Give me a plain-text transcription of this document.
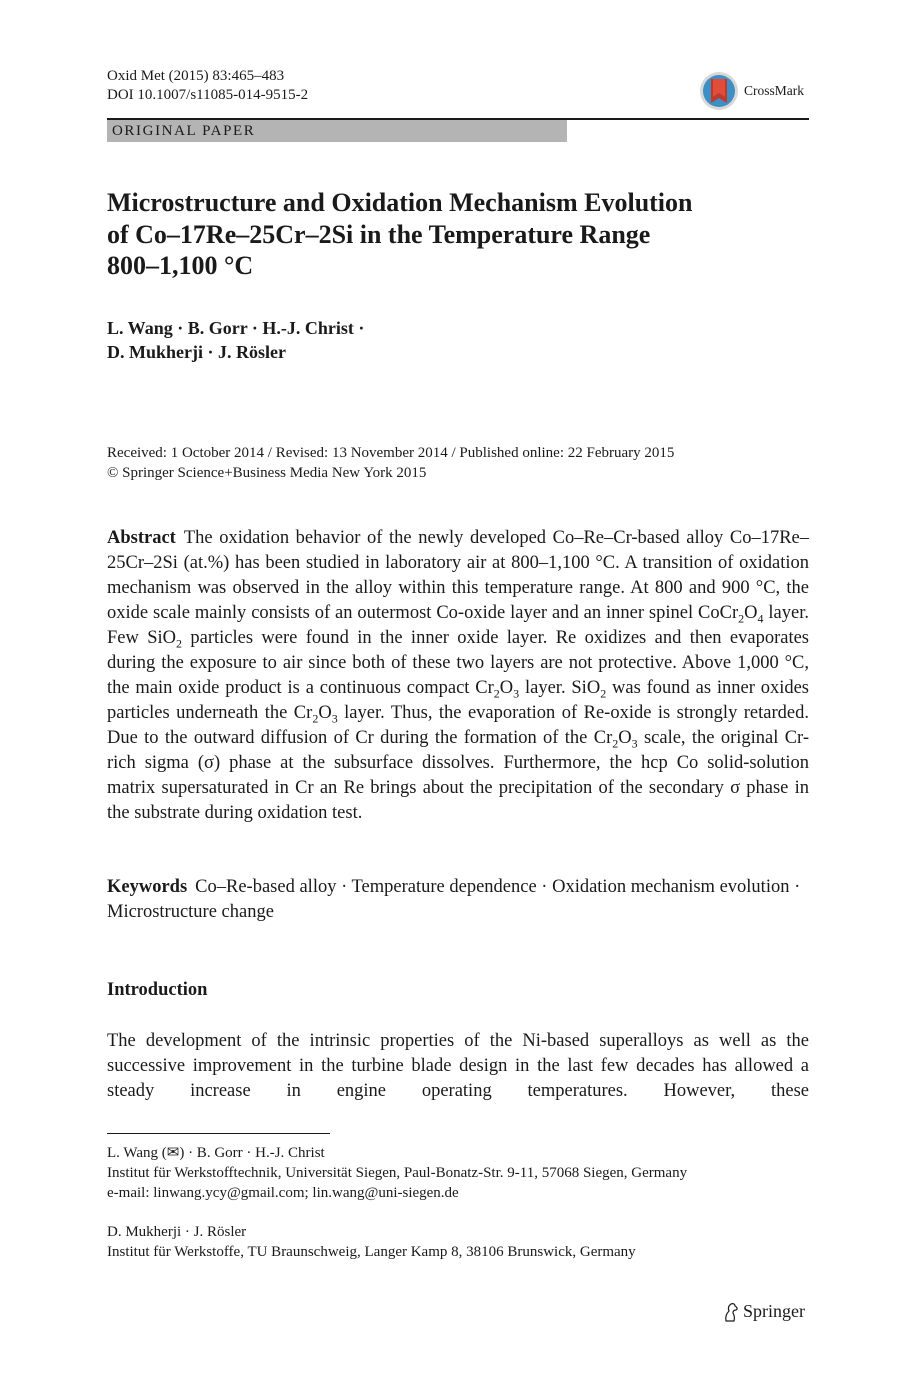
Oxid Met (2015) 83:465–483
DOI 10.1007/s11085-014-9515-2	CrossMark
ORIGINAL PAPER
Microstructure and Oxidation Mechanism Evolution
of Co–17Re–25Cr–2Si in the Temperature Range
800–1,100 °C
L. Wang · B. Gorr · H.-J. Christ ·
D. Mukherji · J. Rösler
Received: 1 October 2014 / Revised: 13 November 2014 / Published online: 22 February 2015
© Springer Science+Business Media New York 2015

Abstract The oxidation behavior of the newly developed Co–Re–Cr-based alloy Co–17Re–25Cr–2Si (at.%) has been studied in laboratory air at 800–1,100 °C. A transition of oxidation mechanism was observed in the alloy within this temperature range. At 800 and 900 °C, the oxide scale mainly consists of an outermost Co-oxide layer and an inner spinel $CoCr_2O_4$ layer. Few SiO$_2$ particles were found in the inner oxide layer. Re oxidizes and then evaporates during the exposure to air since both of these two layers are not protective. Above 1,000 °C, the main oxide product is a continuous compact $Cr_2O_3$ layer. SiO$_2$ was found as inner oxides particles underneath the $Cr_2O_3$ layer. Thus, the evaporation of Re-oxide is strongly retarded. Due to the outward diffusion of Cr during the formation of the $Cr_2O_3$ scale, the original Cr-rich sigma (σ) phase at the subsurface dissolves. Furthermore, the hcp Co solid-solution matrix supersaturated in Cr an Re brings about the precipitation of the secondary σ phase in the substrate during oxidation test.

Keywords Co–Re-based alloy · Temperature dependence · Oxidation mechanism evolution · Microstructure change

Introduction

The development of the intrinsic properties of the Ni-based superalloys as well as the successive improvement in the turbine blade design in the last few decades has allowed a steady increase in engine operating temperatures. However, these

L. Wang (✉) · B. Gorr · H.-J. Christ
Institut für Werkstofftechnik, Universität Siegen, Paul-Bonatz-Str. 9-11, 57068 Siegen, Germany
e-mail: linwang.ycy@gmail.com; lin.wang@uni-siegen.de
D. Mukherji · J. Rösler
Institut für Werkstoffe, TU Braunschweig, Langer Kamp 8, 38106 Brunswick, Germany
Springer
